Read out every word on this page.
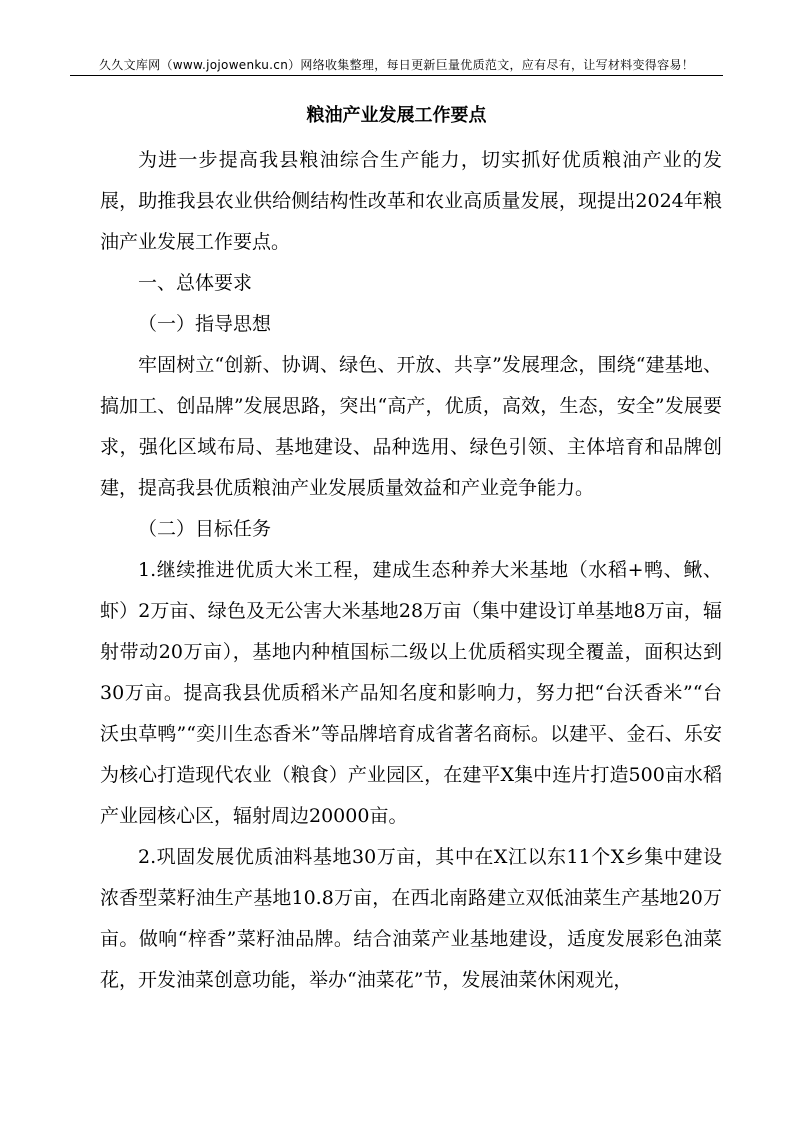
久久文库网（www.jojowenku.cn）网络收集整理，每日更新巨量优质范文，应有尽有，让写材料变得容易！
粮油产业发展工作要点

为进一步提高我县粮油综合生产能力，切实抓好优质粮油产业的发展，助推我县农业供给侧结构性改革和农业高质量发展，现提出2024年粮油产业发展工作要点。

一、总体要求

（一）指导思想

牢固树立“创新、协调、绿色、开放、共享”发展理念，围绕“建基地、搞加工、创品牌”发展思路，突出“高产，优质，高效，生态，安全”发展要求，强化区域布局、基地建设、品种选用、绿色引领、主体培育和品牌创建，提高我县优质粮油产业发展质量效益和产业竞争能力。

（二）目标任务

1.继续推进优质大米工程，建成生态种养大米基地（水稻+鸭、鳅、虾）2万亩、绿色及无公害大米基地28万亩（集中建设订单基地8万亩，辐射带动20万亩），基地内种植国标二级以上优质稻实现全覆盖，面积达到30万亩。提高我县优质稻米产品知名度和影响力，努力把“台沃香米”“台沃虫草鸭”“奕川生态香米”等品牌培育成省著名商标。以建平、金石、乐安为核心打造现代农业（粮食）产业园区，在建平X集中连片打造500亩水稻产业园核心区，辐射周边20000亩。

2.巩固发展优质油料基地30万亩，其中在X江以东11个X乡集中建设浓香型菜籽油生产基地10.8万亩，在西北南路建立双低油菜生产基地20万亩。做响“梓香”菜籽油品牌。结合油菜产业基地建设，适度发展彩色油菜花，开发油菜创意功能，举办“油菜花”节，发展油菜休闲观光，
